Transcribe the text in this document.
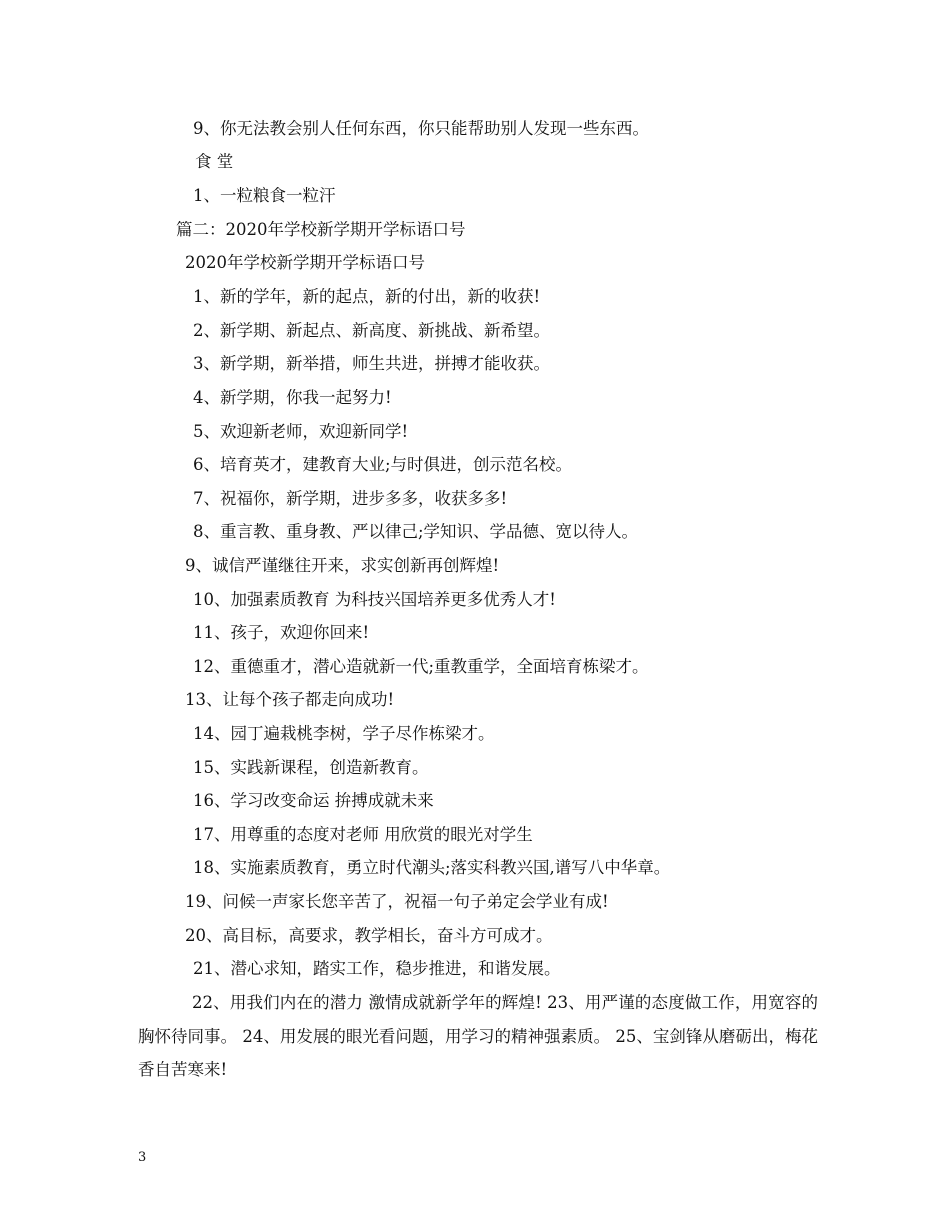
9、你无法教会别人任何东西，你只能帮助别人发现一些东西。
食 堂
1、一粒粮食一粒汗
篇二：2020年学校新学期开学标语口号
2020年学校新学期开学标语口号
1、新的学年，新的起点，新的付出，新的收获!
2、新学期、新起点、新高度、新挑战、新希望。
3、新学期，新举措，师生共进，拼搏才能收获。
4、新学期，你我一起努力!
5、欢迎新老师，欢迎新同学!
6、培育英才，建教育大业;与时俱进，创示范名校。
7、祝福你，新学期，进步多多，收获多多!
8、重言教、重身教、严以律己;学知识、学品德、宽以待人。
9、诚信严谨继往开来，求实创新再创辉煌!
10、加强素质教育 为科技兴国培养更多优秀人才!
11、孩子，欢迎你回来!
12、重德重才，潜心造就新一代;重教重学，全面培育栋梁才。
13、让每个孩子都走向成功!
14、园丁遍栽桃李树，学子尽作栋梁才。
15、实践新课程，创造新教育。
16、学习改变命运 拚搏成就未来
17、用尊重的态度对老师 用欣赏的眼光对学生
18、实施素质教育，勇立时代潮头;落实科教兴国,谱写八中华章。
19、问候一声家长您辛苦了，祝福一句子弟定会学业有成!
20、高目标，高要求，教学相长，奋斗方可成才。
21、潜心求知，踏实工作，稳步推进，和谐发展。
22、用我们内在的潜力 激情成就新学年的辉煌! 23、用严谨的态度做工作，用宽容的胸怀待同事。 24、用发展的眼光看问题，用学习的精神强素质。 25、宝剑锋从磨砺出，梅花香自苦寒来!
3
